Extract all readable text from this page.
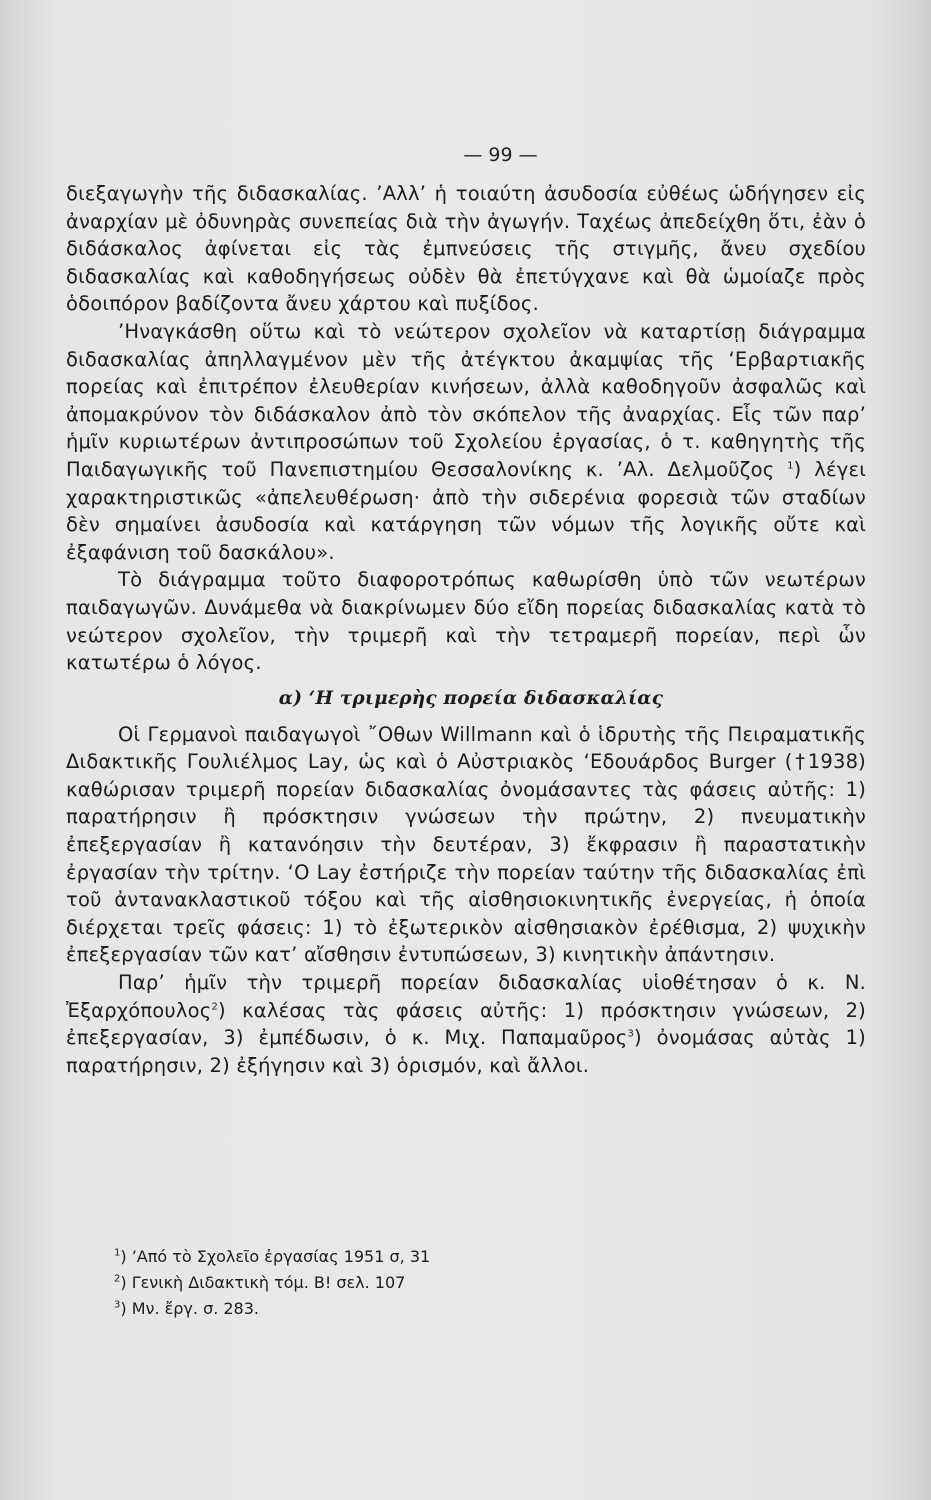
— 99 —

διεξαγωγὴν τῆς διδασκαλίας. ’Αλλ’ ἡ τοιαύτη ἀσυδοσία εὐθέως ὡδήγησεν εἰς ἀναρχίαν μὲ ὀδυνηρὰς συνεπείας διὰ τὴν ἀγωγήν. Ταχέως ἀπεδείχθη ὅτι, ἐὰν ὁ διδάσκαλος ἀφίνεται εἰς τὰς ἐμπνεύσεις τῆς στιγμῆς, ἄνευ σχεδίου διδασκαλίας καὶ καθοδηγήσεως οὐδὲν θὰ ἐπετύγχανε καὶ θὰ ὡμοίαζε πρὸς ὁδοιπόρον βαδίζοντα ἄνευ χάρτου καὶ πυξίδος.

’Ηναγκάσθη οὕτω καὶ τὸ νεώτερον σχολεῖον νὰ καταρτίσῃ διάγραμμα διδασκαλίας ἀπηλλαγμένον μὲν τῆς ἀτέγκτου ἀκαμψίας τῆς ‘Ερβαρτιακῆς πορείας καὶ ἐπιτρέπον ἐλευθερίαν κινήσεων, ἀλλὰ καθοδηγοῦν ἀσφαλῶς καὶ ἀπομακρύνον τὸν διδάσκαλον ἀπὸ τὸν σκόπελον τῆς ἀναρχίας. Εἷς τῶν παρ’ ἡμῖν κυριωτέρων ἀντιπροσώπων τοῦ Σχολείου ἐργασίας, ὁ τ. καθηγητὴς τῆς Παιδαγωγικῆς τοῦ Πανεπιστημίου Θεσσαλονίκης κ. ’Αλ. Δελμοῦζος $^1$) λέγει χαρακτηριστικῶς «ἀπελευθέρωση· ἀπὸ τὴν σιδερένια φορεσιὰ τῶν σταδίων δὲν σημαίνει ἀσυδοσία καὶ κατάργηση τῶν νόμων τῆς λογικῆς οὔτε καὶ ἐξαφάνιση τοῦ δασκάλου».

Τὸ διάγραμμα τοῦτο διαφοροτρόπως καθωρίσθη ὑπὸ τῶν νεωτέρων παιδαγωγῶν. Δυνάμεθα νὰ διακρίνωμεν δύο εἴδη πορείας διδασκαλίας κατὰ τὸ νεώτερον σχολεῖον, τὴν τριμερῆ καὶ τὴν τετραμερῆ πορείαν, περὶ ὧν κατωτέρω ὁ λόγος.

α) ‘Η τριμερὴς πορεία διδασκαλίας

Οἱ Γερμανοὶ παιδαγωγοὶ ῎Οθων Willmann καὶ ὁ ἱδρυτὴς τῆς Πειραματικῆς Διδακτικῆς Γουλιέλμος Lay, ὡς καὶ ὁ Αὐστριακὸς ‘Εδουάρδος Burger (†1938) καθώρισαν τριμερῆ πορείαν διδασκαλίας ὀνομάσαντες τὰς φάσεις αὐτῆς: 1) παρατήρησιν ἢ πρόσκτησιν γνώσεων τὴν πρώτην, 2) πνευματικὴν ἐπεξεργασίαν ἢ κατανόησιν τὴν δευτέραν, 3) ἔκφρασιν ἢ παραστατικὴν ἐργασίαν τὴν τρίτην. ‘Ο Lay ἐστήριζε τὴν πορείαν ταύτην τῆς διδασκαλίας ἐπὶ τοῦ ἀντανακλαστικοῦ τόξου καὶ τῆς αἰσθησιοκινητικῆς ἐνεργείας, ἡ ὁποία διέρχεται τρεῖς φάσεις: 1) τὸ ἐξωτερικὸν αἰσθησιακὸν ἐρέθισμα, 2) ψυχικὴν ἐπεξεργασίαν τῶν κατ’ αἴσθησιν ἐντυπώσεων, 3) κινητικὴν ἀπάντησιν.

Παρ’ ἡμῖν τὴν τριμερῆ πορείαν διδασκαλίας υἱοθέτησαν ὁ κ. Ν. Ἐξαρχόπουλος$^2$) καλέσας τὰς φάσεις αὐτῆς: 1) πρόσκτησιν γνώσεων, 2) ἐπεξεργασίαν, 3) ἐμπέδωσιν, ὁ κ. Μιχ. Παπαμαῦρος$^3$) ὀνομάσας αὐτὰς 1) παρατήρησιν, 2) ἐξήγησιν καὶ 3) ὁρισμόν, καὶ ἄλλοι.

$^1$) ’Από τὸ Σχολεῖο ἐργασίας 1951 σ, 31

$^2$) Γενικὴ Διδακτικὴ τόμ. Β! σελ. 107

$^3$) Μν. ἔργ. σ. 283.
